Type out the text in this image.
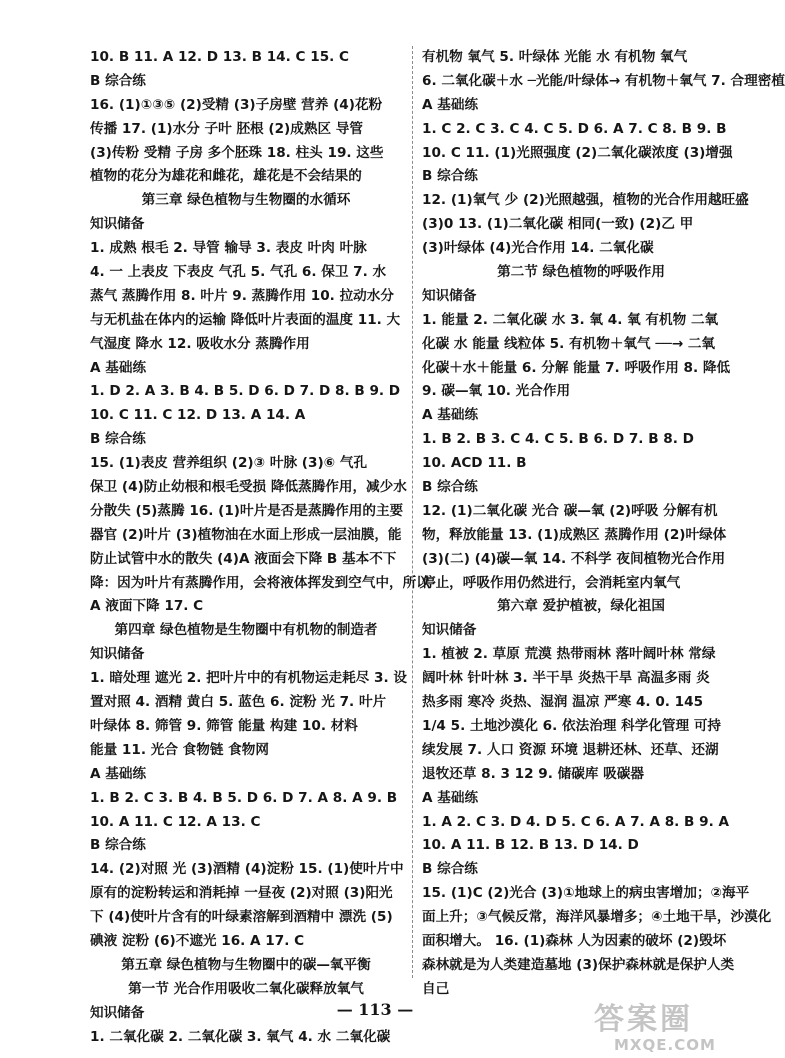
10. B 11. A 12. D 13. B 14. C 15. C
B 综合练
16. (1)①③⑤ (2)受精 (3)子房壁 营养 (4)花粉
传播 17. (1)水分 子叶 胚根 (2)成熟区 导管
(3)传粉 受精 子房 多个胚珠 18. 柱头 19. 这些
植物的花分为雄花和雌花，雄花是不会结果的
第三章 绿色植物与生物圈的水循环
知识储备
1. 成熟 根毛 2. 导管 输导 3. 表皮 叶肉 叶脉
4. 一 上表皮 下表皮 气孔 5. 气孔 6. 保卫 7. 水
蒸气 蒸腾作用 8. 叶片 9. 蒸腾作用 10. 拉动水分
与无机盐在体内的运输 降低叶片表面的温度 11. 大
气湿度 降水 12. 吸收水分 蒸腾作用
A 基础练
1. D 2. A 3. B 4. B 5. D 6. D 7. D 8. B 9. D
10. C 11. C 12. D 13. A 14. A
B 综合练
15. (1)表皮 营养组织 (2)③ 叶脉 (3)⑥ 气孔
保卫 (4)防止幼根和根毛受损 降低蒸腾作用，减少水
分散失 (5)蒸腾 16. (1)叶片是否是蒸腾作用的主要
器官 (2)叶片 (3)植物油在水面上形成一层油膜，能
防止试管中水的散失 (4)A 液面会下降 B 基本不下
降：因为叶片有蒸腾作用，会将液体挥发到空气中，所以
A 液面下降 17. C
第四章 绿色植物是生物圈中有机物的制造者
知识储备
1. 暗处理 遮光 2. 把叶片中的有机物运走耗尽 3. 设
置对照 4. 酒精 黄白 5. 蓝色 6. 淀粉 光 7. 叶片
叶绿体 8. 筛管 9. 筛管 能量 构建 10. 材料
能量 11. 光合 食物链 食物网
A 基础练
1. B 2. C 3. B 4. B 5. D 6. D 7. A 8. A 9. B
10. A 11. C 12. A 13. C
B 综合练
14. (2)对照 光 (3)酒精 (4)淀粉 15. (1)使叶片中
原有的淀粉转运和消耗掉 一昼夜 (2)对照 (3)阳光
下 (4)使叶片含有的叶绿素溶解到酒精中 漂洗 (5)
碘液 淀粉 (6)不遮光 16. A 17. C
第五章 绿色植物与生物圈中的碳—氧平衡
第一节 光合作用吸收二氧化碳释放氧气
知识储备
1. 二氧化碳 2. 二氧化碳 3. 氧气 4. 水 二氧化碳
有机物 氧气 5. 叶绿体 光能 水 有机物 氧气
6. 二氧化碳＋水 ─光能/叶绿体→ 有机物＋氧气 7. 合理密植
A 基础练
1. C 2. C 3. C 4. C 5. D 6. A 7. C 8. B 9. B
10. C 11. (1)光照强度 (2)二氧化碳浓度 (3)增强
B 综合练
12. (1)氧气 少 (2)光照越强，植物的光合作用越旺盛
(3)0 13. (1)二氧化碳 相同(一致) (2)乙 甲
(3)叶绿体 (4)光合作用 14. 二氧化碳
第二节 绿色植物的呼吸作用
知识储备
1. 能量 2. 二氧化碳 水 3. 氧 4. 氧 有机物 二氧
化碳 水 能量 线粒体 5. 有机物＋氧气 ──→ 二氧
化碳＋水＋能量 6. 分解 能量 7. 呼吸作用 8. 降低
9. 碳—氧 10. 光合作用
A 基础练
1. B 2. B 3. C 4. C 5. B 6. D 7. B 8. D
10. ACD 11. B
B 综合练
12. (1)二氧化碳 光合 碳—氧 (2)呼吸 分解有机
物，释放能量 13. (1)成熟区 蒸腾作用 (2)叶绿体
(3)(二) (4)碳—氧 14. 不科学 夜间植物光合作用
停止，呼吸作用仍然进行，会消耗室内氧气
第六章 爱护植被，绿化祖国
知识储备
1. 植被 2. 草原 荒漠 热带雨林 落叶阔叶林 常绿
阔叶林 针叶林 3. 半干旱 炎热干旱 高温多雨 炎
热多雨 寒冷 炎热、湿润 温凉 严寒 4. 0. 145
1/4 5. 土地沙漠化 6. 依法治理 科学化管理 可持
续发展 7. 人口 资源 环境 退耕还林、还草、还湖
退牧还草 8. 3 12 9. 储碳库 吸碳器
A 基础练
1. A 2. C 3. D 4. D 5. C 6. A 7. A 8. B 9. A
10. A 11. B 12. B 13. D 14. D
B 综合练
15. (1)C (2)光合 (3)①地球上的病虫害增加；②海平
面上升；③气候反常，海洋风暴增多；④土地干旱，沙漠化
面积增大。 16. (1)森林 人为因素的破坏 (2)毁坏
森林就是为人类建造墓地 (3)保护森林就是保护人类
自己
— 113 —	答案圈
MXQE.COM
